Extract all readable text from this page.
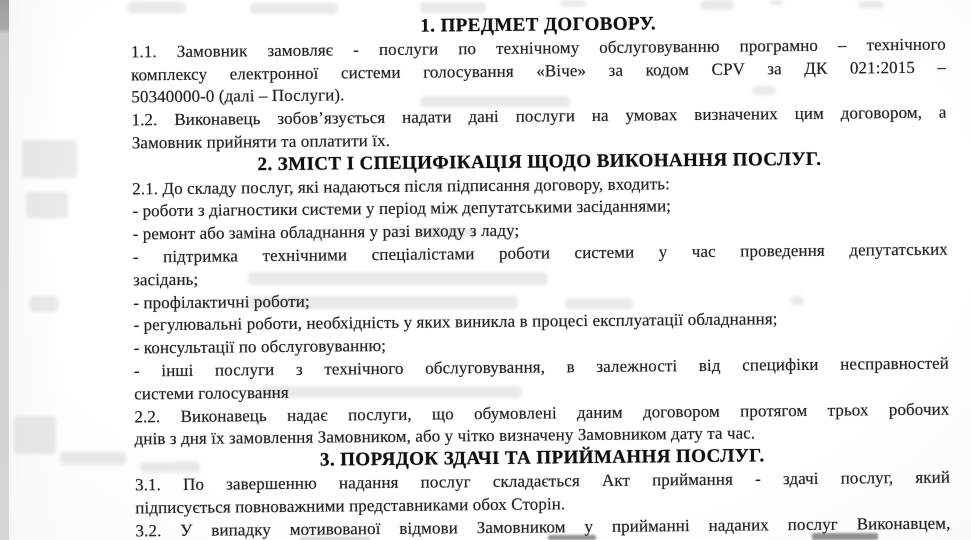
1. ПРЕДМЕТ ДОГОВОРУ.
1.1. Замовник замовляє - послуги по технічному обслуговуванню програмно – технічного
комплексу електронної системи голосування «Віче» за кодом CPV за ДК 021:2015 –
50340000-0 (далі – Послуги).
1.2. Виконавець зобов’язується надати дані послуги на умовах визначених цим договором, а
Замовник прийняти та оплатити їх.
2. ЗМІСТ І СПЕЦИФІКАЦІЯ ЩОДО ВИКОНАННЯ ПОСЛУГ.
2.1. До складу послуг, які надаються після підписання договору, входить:
- роботи з діагностики системи у період між депутатськими засіданнями;
- ремонт або заміна обладнання у разі виходу з ладу;
- підтримка технічними спеціалістами роботи системи у час проведення депутатських
засідань;
- профілактичні роботи;
- регулювальні роботи, необхідність у яких виникла в процесі експлуатації обладнання;
- консультації по обслуговуванню;
- інші послуги з технічного обслуговування, в залежності від специфіки несправностей
системи голосування
2.2. Виконавець надає послуги, що обумовлені даним договором протягом трьох робочих
днів з дня їх замовлення Замовником, або у чітко визначену Замовником дату та час.
3. ПОРЯДОК ЗДАЧІ ТА ПРИЙМАННЯ ПОСЛУГ.
3.1. По завершенню надання послуг складається Акт приймання - здачі послуг, який
підписується повноважними представниками обох Сторін.
3.2. У випадку мотивованої відмови Замовником у прийманні наданих послуг Виконавцем,
